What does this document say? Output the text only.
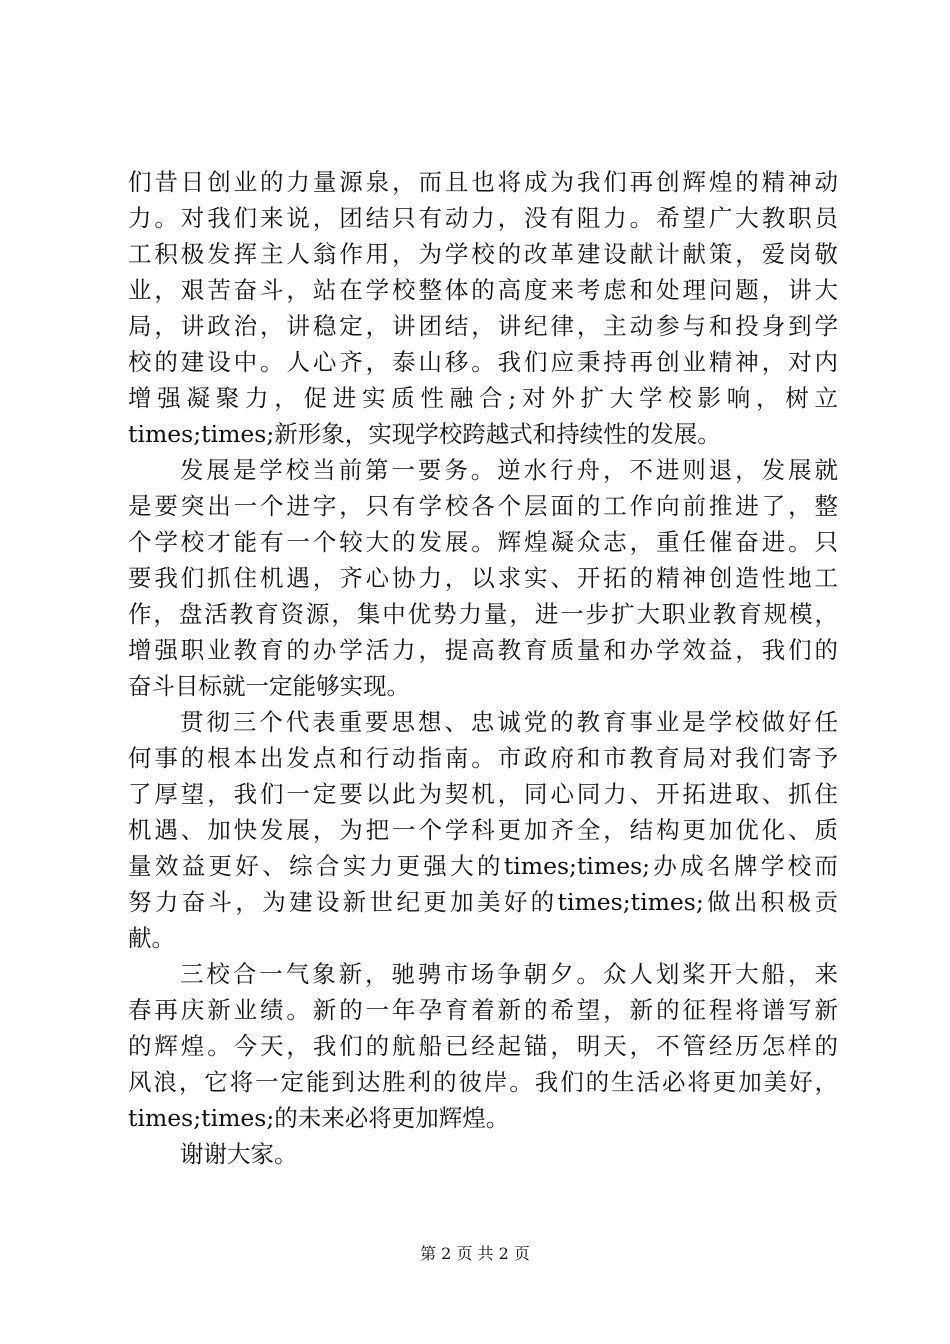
们昔日创业的力量源泉，而且也将成为我们再创辉煌的精神动
力。对我们来说，团结只有动力，没有阻力。希望广大教职员
工积极发挥主人翁作用，为学校的改革建设献计献策，爱岗敬
业，艰苦奋斗，站在学校整体的高度来考虑和处理问题，讲大
局，讲政治，讲稳定，讲团结，讲纪律，主动参与和投身到学
校的建设中。人心齐，泰山移。我们应秉持再创业精神，对内
增强凝聚力，促进实质性融合;对外扩大学校影响，树立
times;times;新形象，实现学校跨越式和持续性的发展。
发展是学校当前第一要务。逆水行舟，不进则退，发展就
是要突出一个进字，只有学校各个层面的工作向前推进了，整
个学校才能有一个较大的发展。辉煌凝众志，重任催奋进。只
要我们抓住机遇，齐心协力，以求实、开拓的精神创造性地工
作，盘活教育资源，集中优势力量，进一步扩大职业教育规模，
增强职业教育的办学活力，提高教育质量和办学效益，我们的
奋斗目标就一定能够实现。
贯彻三个代表重要思想、忠诚党的教育事业是学校做好任
何事的根本出发点和行动指南。市政府和市教育局对我们寄予
了厚望，我们一定要以此为契机，同心同力、开拓进取、抓住
机遇、加快发展，为把一个学科更加齐全，结构更加优化、质
量效益更好、综合实力更强大的times;times;办成名牌学校而
努力奋斗，为建设新世纪更加美好的times;times;做出积极贡
献。
三校合一气象新，驰骋市场争朝夕。众人划桨开大船，来
春再庆新业绩。新的一年孕育着新的希望，新的征程将谱写新
的辉煌。今天，我们的航船已经起锚，明天，不管经历怎样的
风浪，它将一定能到达胜利的彼岸。我们的生活必将更加美好，
times;times;的未来必将更加辉煌。
谢谢大家。
第 2 页 共 2 页
